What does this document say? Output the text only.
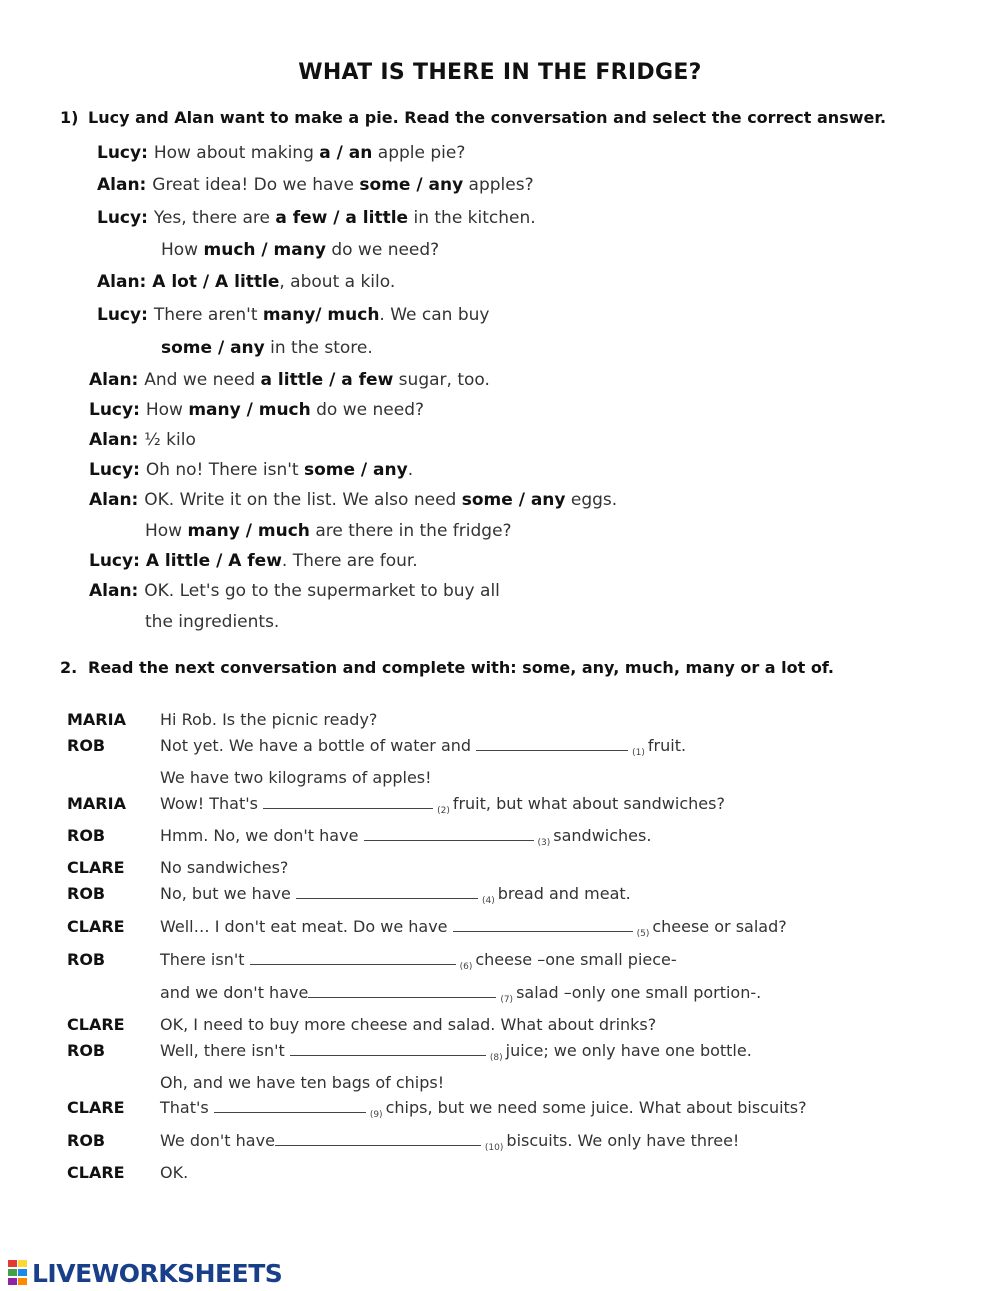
WHAT IS THERE IN THE FRIDGE?
1) Lucy and Alan want to make a pie. Read the conversation and select the correct answer.
Lucy: How about making a / an apple pie?
Alan: Great idea! Do we have some / any apples?
Lucy: Yes, there are a few / a little in the kitchen.
How much / many do we need?
Alan: A lot / A little, about a kilo.
Lucy: There aren't many/ much. We can buy
some / any in the store.
Alan: And we need a little / a few sugar, too.
Lucy: How many / much do we need?
Alan: ½ kilo
Lucy: Oh no! There isn't some / any.
Alan: OK. Write it on the list. We also need some / any eggs.
How many / much are there in the fridge?
Lucy: A little / A few. There are four.
Alan: OK. Let's go to the supermarket to buy all
the ingredients.
2. Read the next conversation and complete with: some, any, much, many or a lot of.
MARIA Hi Rob. Is the picnic ready?
ROB	Not yet. We have a bottle of water and	$_{(1)}$ fruit.
We have two kilograms of apples!
MARIA Wow! That's	$_{(2)}$ fruit, but what about sandwiches?
ROB	Hmm. No, we don't have	$_{(3)}$ sandwiches.
CLARE No sandwiches?
ROB	No, but we have	$_{(4)}$ bread and meat.
CLARE Well… I don't eat meat. Do we have	$_{(5)}$ cheese or salad?
ROB	There isn't	$_{(6)}$ cheese –one small piece-
and we don't have	$_{(7)}$ salad –only one small portion-.
CLARE OK, I need to buy more cheese and salad. What about drinks?
ROB	Well, there isn't	$_{(8)}$ juice; we only have one bottle.
Oh, and we have ten bags of chips!
CLARE That's	$_{(9)}$ chips, but we need some juice. What about biscuits?
ROB	We don't have	$_{(10)}$ biscuits. We only have three!
CLARE OK.
LIVEWORKSHEETS
